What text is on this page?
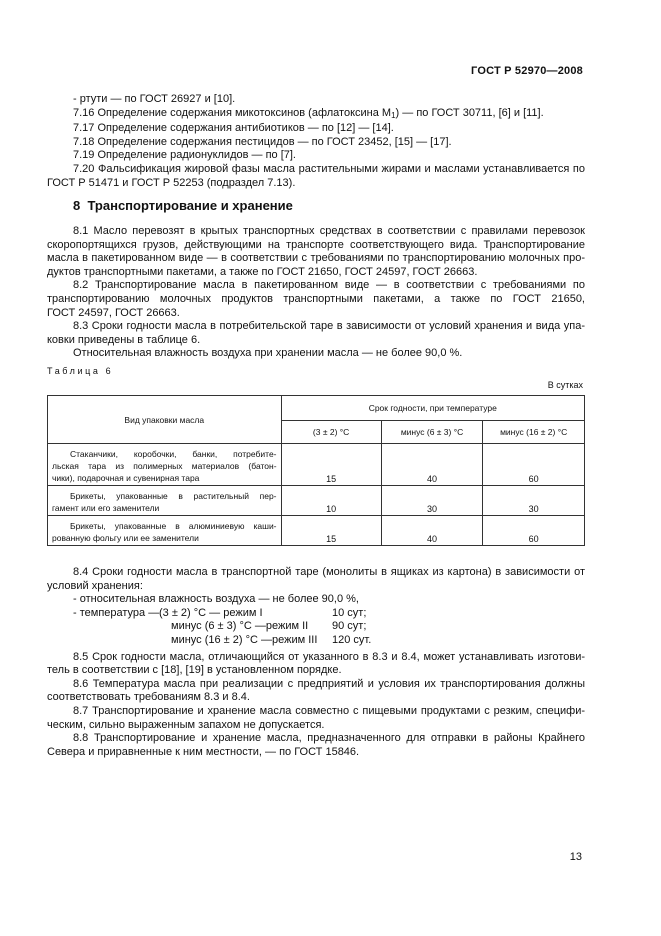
ГОСТ Р 52970—2008

- ртути — по ГОСТ 26927 и [10].

7.16 Определение содержания микотоксинов (афлатоксина $М_1$) — по ГОСТ 30711, [6] и [11].

7.17 Определение содержания антибиотиков — по [12] — [14].

7.18 Определение содержания пестицидов — по ГОСТ 23452, [15] — [17].

7.19 Определение радионуклидов — по [7].

7.20 Фальсификация жировой фазы масла растительными жирами и маслами устанавливается по

ГОСТ Р 51471 и ГОСТ Р 52253 (подраздел 7.13).

8 Транспортирование и хранение

8.1 Масло перевозят в крытых транспортных средствах в соответствии с правилами перевозок

скоропортящихся грузов, действующими на транспорте соответствующего вида. Транспортирование

масла в пакетированном виде — в соответствии с требованиями по транспортированию молочных про-

дуктов транспортными пакетами, а также по ГОСТ 21650, ГОСТ 24597, ГОСТ 26663.

8.2 Транспортирование масла в пакетированном виде — в соответствии с требованиями по

транспортированию молочных продуктов транспортными пакетами, а также по ГОСТ 21650,

ГОСТ 24597, ГОСТ 26663.

8.3 Сроки годности масла в потребительской таре в зависимости от условий хранения и вида упа-

ковки приведены в таблице 6.

Относительная влажность воздуха при хранении масла — не более 90,0 %.

Таблица 6
В сутках
Вид упаковки масла	Срок годности, при температуре		
	(3 ± 2) °С	минус (6 ± 3) °С	минус (16 ± 2) °С

Стаканчики, коробочки, банки, потребите-
льская тара из полимерных материалов (батон-
чики), подарочная и сувенирная тара	15	40	60

Брикеты, упакованные в растительный пер-
гамент или его заменители	10	30	30

Брикеты, упакованные в алюминиевую каши-
рованную фольгу или ее заменители	15	40	60

8.4 Сроки годности масла в транспортной таре (монолиты в ящиках из картона) в зависимости от

условий хранения:

- относительная влажность воздуха — не более 90,0 %,

- температура — (3 ± 2) °С — режим I	10 сут;
минус (6 ± 3) °С —режим II 90 сут;
минус (16 ± 2) °С —режим III 120 сут.

8.5 Срок годности масла, отличающийся от указанного в 8.3 и 8.4, может устанавливать изготови-

тель в соответствии с [18], [19] в установленном порядке.

8.6 Температура масла при реализации с предприятий и условия их транспортирования должны

соответствовать требованиям 8.3 и 8.4.

8.7 Транспортирование и хранение масла совместно с пищевыми продуктами с резким, специфи-

ческим, сильно выраженным запахом не допускается.

8.8 Транспортирование и хранение масла, предназначенного для отправки в районы Крайнего

Севера и приравненные к ним местности, — по ГОСТ 15846.

13
